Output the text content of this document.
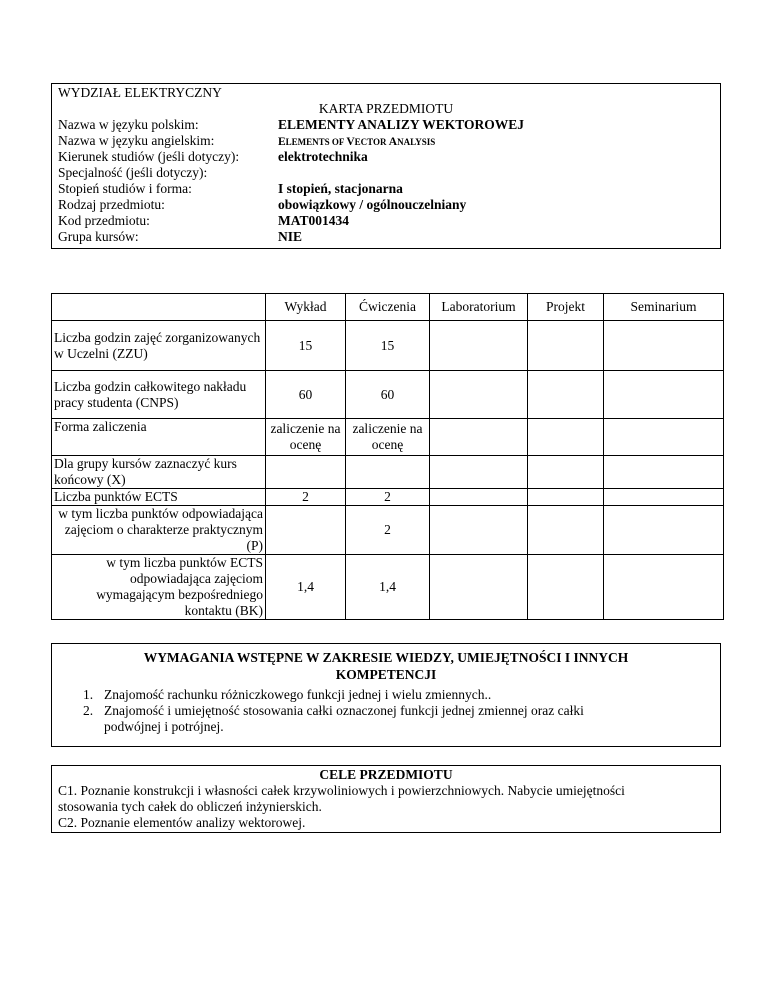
WYDZIAŁ ELEKTRYCZNY
KARTA PRZEDMIOTU
Nazwa w języku polskim:	ELEMENTY ANALIZY WEKTOROWEJ
Nazwa w języku angielskim:	ELEMENTS OF VECTOR ANALYSIS
Kierunek studiów (jeśli dotyczy):	elektrotechnika
Specjalność (jeśli dotyczy):
Stopień studiów i forma:	I stopień, stacjonarna
Rodzaj przedmiotu:	obowiązkowy / ogólnouczelniany
Kod przedmiotu:	MAT001434
Grupa kursów:	NIE
	Wykład	Ćwiczenia	Laboratorium	Projekt	Seminarium
Liczba godzin zajęć zorganizowanych w Uczelni (ZZU)	15	15			
Liczba godzin całkowitego nakładu pracy studenta (CNPS)	60	60			
Forma zaliczenia	zaliczenie na ocenę	zaliczenie na ocenę			
Dla grupy kursów zaznaczyć kurs końcowy (X)					
Liczba punktów ECTS	2	2			
w tym liczba punktów odpowiadająca zajęciom o charakterze praktycznym (P)		2			
w tym liczba punktów ECTS odpowiadająca zajęciom wymagającym bezpośredniego kontaktu (BK)	1,4	1,4			
WYMAGANIA WSTĘPNE W ZAKRESIE WIEDZY, UMIEJĘTNOŚCI I INNYCH
KOMPETENCJI
1. Znajomość rachunku różniczkowego funkcji jednej i wielu zmiennych..
2. Znajomość i umiejętność stosowania całki oznaczonej funkcji jednej zmiennej oraz całki
podwójnej i potrójnej.
CELE PRZEDMIOTU
C1. Poznanie konstrukcji i własności całek krzywoliniowych i powierzchniowych. Nabycie umiejętności
stosowania tych całek do obliczeń inżynierskich.
C2. Poznanie elementów analizy wektorowej.
